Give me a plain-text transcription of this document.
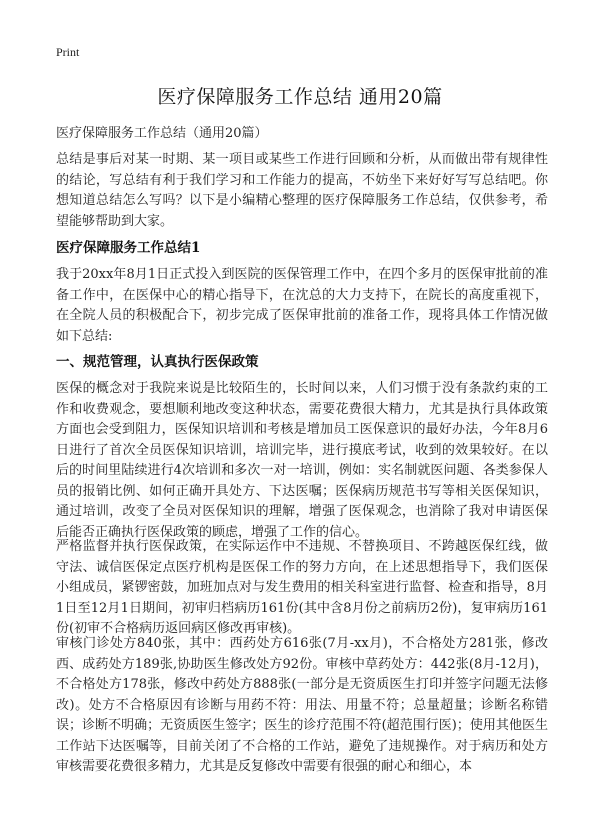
Print
医疗保障服务工作总结 通用20篇
医疗保障服务工作总结（通用20篇）
总结是事后对某一时期、某一项目或某些工作进行回顾和分析，从而做出带有规律性的结论，写总结有利于我们学习和工作能力的提高，不妨坐下来好好写写总结吧。你想知道总结怎么写吗？以下是小编精心整理的医疗保障服务工作总结，仅供参考，希望能够帮助到大家。
医疗保障服务工作总结1
我于20xx年8月1日正式投入到医院的医保管理工作中，在四个多月的医保审批前的准备工作中，在医保中心的精心指导下，在沈总的大力支持下，在院长的高度重视下，在全院人员的积极配合下，初步完成了医保审批前的准备工作，现将具体工作情况做如下总结:
一、规范管理，认真执行医保政策
医保的概念对于我院来说是比较陌生的，长时间以来，人们习惯于没有条款约束的工作和收费观念，要想顺利地改变这种状态，需要花费很大精力，尤其是执行具体政策方面也会受到阻力，医保知识培训和考核是增加员工医保意识的最好办法，今年8月6日进行了首次全员医保知识培训，培训完毕，进行摸底考试，收到的效果较好。在以后的时间里陆续进行4次培训和多次一对一培训，例如：实名制就医问题、各类参保人员的报销比例、如何正确开具处方、下达医嘱；医保病历规范书写等相关医保知识，通过培训，改变了全员对医保知识的理解，增强了医保观念，也消除了我对申请医保后能否正确执行医保政策的顾虑，增强了工作的信心。
严格监督并执行医保政策，在实际运作中不违规、不替换项目、不跨越医保红线，做守法、诚信医保定点医疗机构是医保工作的努力方向，在上述思想指导下，我们医保小组成员，紧锣密鼓，加班加点对与发生费用的相关科室进行监督、检查和指导，8月1日至12月1日期间，初审归档病历161份(其中含8月份之前病历2份)，复审病历161份(初审不合格病历返回病区修改再审核)。
审核门诊处方840张，其中：西药处方616张(7月-xx月)，不合格处方281张，修改西、成药处方189张,协助医生修改处方92份。审核中草药处方：442张(8月-12月)，不合格处方178张，修改中药处方888张(一部分是无资质医生打印并签字问题无法修改)。处方不合格原因有诊断与用药不符：用法、用量不符；总量超量；诊断名称错误；诊断不明确；无资质医生签字；医生的诊疗范围不符(超范围行医)；使用其他医生工作站下达医嘱等，目前关闭了不合格的工作站，避免了违规操作。对于病历和处方审核需要花费很多精力，尤其是反复修改中需要有很强的耐心和细心，本
